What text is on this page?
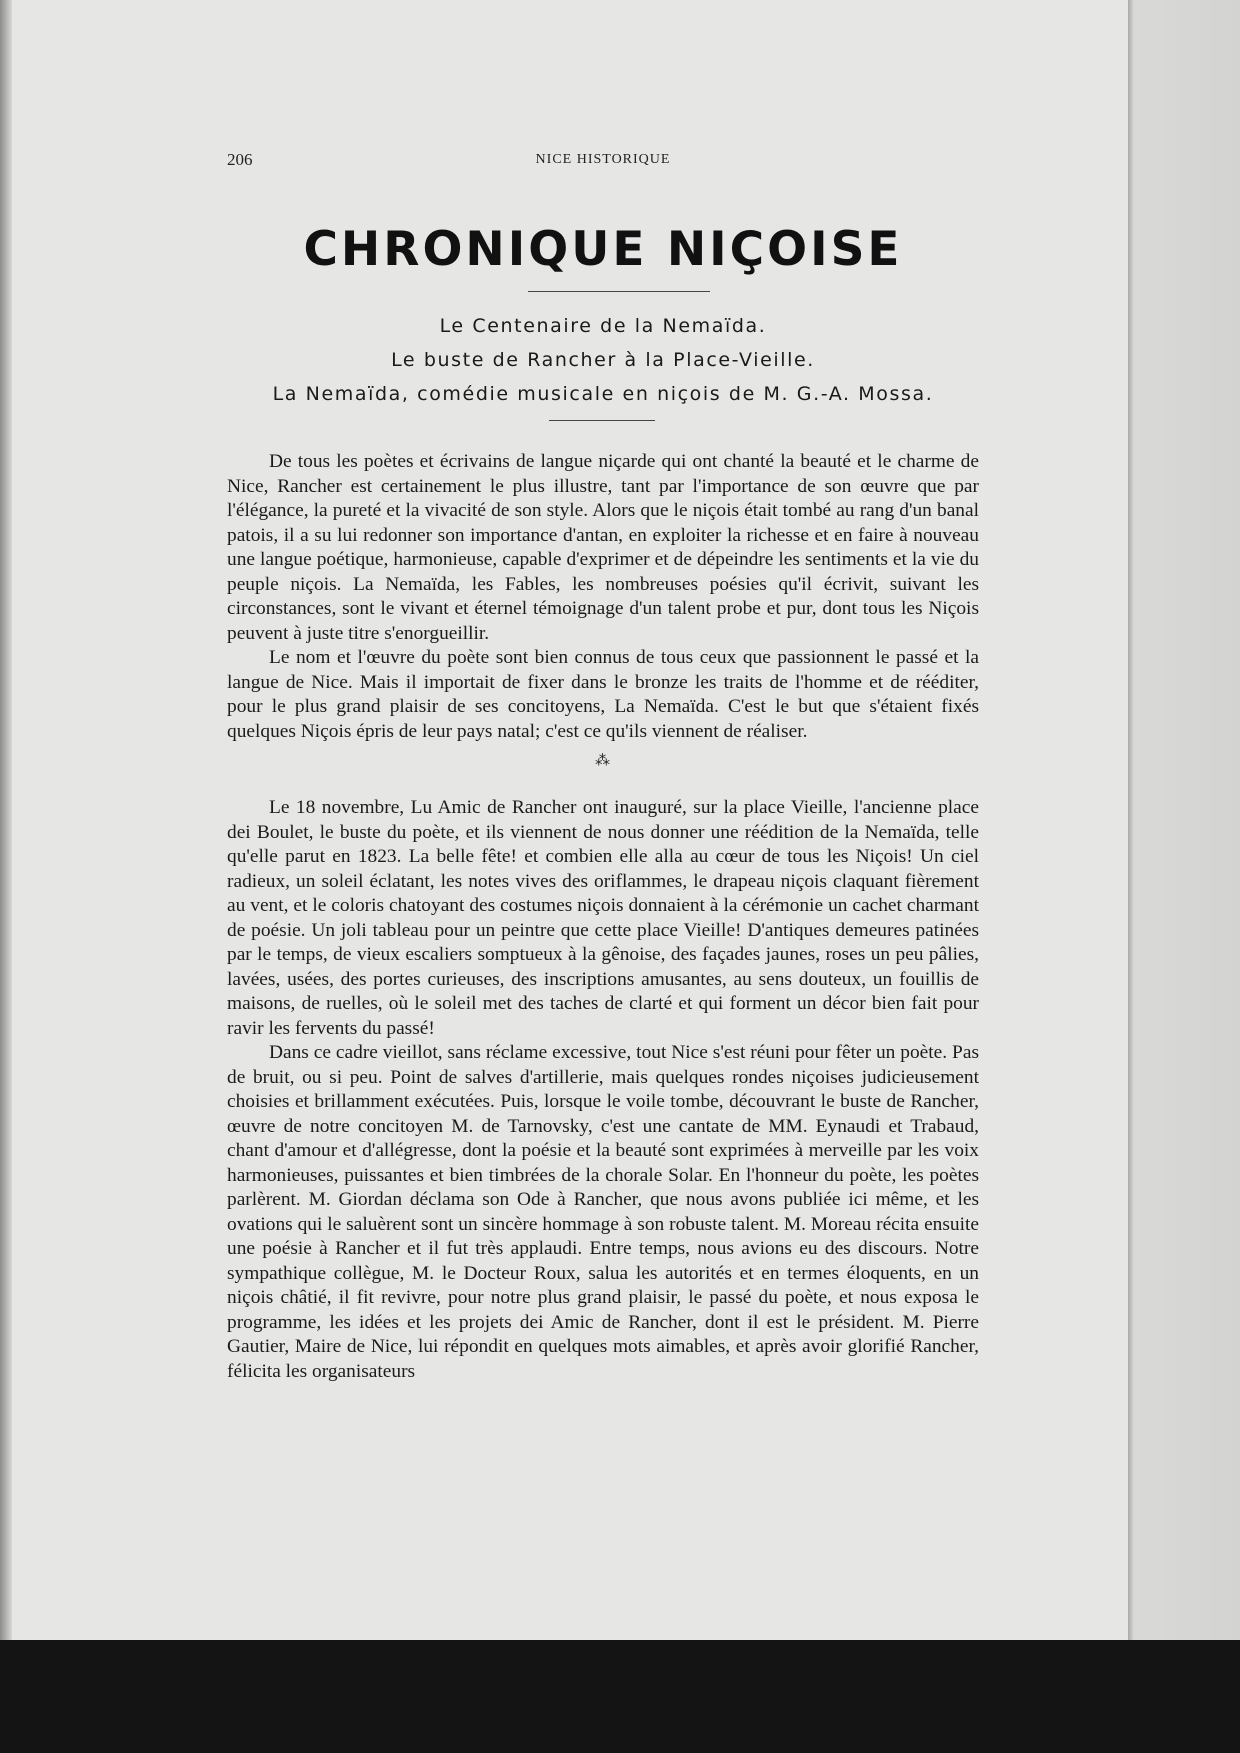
206	NICE HISTORIQUE
CHRONIQUE NIÇOISE
Le Centenaire de la Nemaïda.
Le buste de Rancher à la Place-Vieille.
La Nemaïda, comédie musicale en niçois de M. G.-A. Mossa.

De tous les poètes et écrivains de langue niçarde qui ont chanté la beauté et le charme de Nice, Rancher est certainement le plus illustre, tant par l'importance de son œuvre que par l'élégance, la pureté et la vivacité de son style. Alors que le niçois était tombé au rang d'un banal patois, il a su lui redonner son importance d'antan, en exploiter la richesse et en faire à nouveau une langue poétique, harmonieuse, capable d'exprimer et de dépeindre les sentiments et la vie du peuple niçois. La Nemaïda, les Fables, les nombreuses poésies qu'il écrivit, suivant les circonstances, sont le vivant et éternel témoignage d'un talent probe et pur, dont tous les Niçois peuvent à juste titre s'enorgueillir.

Le nom et l'œuvre du poète sont bien connus de tous ceux que passionnent le passé et la langue de Nice. Mais il importait de fixer dans le bronze les traits de l'homme et de rééditer, pour le plus grand plaisir de ses concitoyens, La Nemaïda. C'est le but que s'étaient fixés quelques Niçois épris de leur pays natal; c'est ce qu'ils viennent de réaliser.

⁂

Le 18 novembre, Lu Amic de Rancher ont inauguré, sur la place Vieille, l'ancienne place dei Boulet, le buste du poète, et ils viennent de nous donner une réédition de la Nemaïda, telle qu'elle parut en 1823. La belle fête! et combien elle alla au cœur de tous les Niçois! Un ciel radieux, un soleil éclatant, les notes vives des oriflammes, le drapeau niçois claquant fièrement au vent, et le coloris chatoyant des costumes niçois donnaient à la cérémonie un cachet charmant de poésie. Un joli tableau pour un peintre que cette place Vieille! D'antiques demeures patinées par le temps, de vieux escaliers somptueux à la gênoise, des façades jaunes, roses un peu pâlies, lavées, usées, des portes curieuses, des inscriptions amusantes, au sens douteux, un fouillis de maisons, de ruelles, où le soleil met des taches de clarté et qui forment un décor bien fait pour ravir les fervents du passé!

Dans ce cadre vieillot, sans réclame excessive, tout Nice s'est réuni pour fêter un poète. Pas de bruit, ou si peu. Point de salves d'artillerie, mais quelques rondes niçoises judicieusement choisies et brillamment exécutées. Puis, lorsque le voile tombe, découvrant le buste de Rancher, œuvre de notre concitoyen M. de Tarnovsky, c'est une cantate de MM. Eynaudi et Trabaud, chant d'amour et d'allégresse, dont la poésie et la beauté sont exprimées à merveille par les voix harmonieuses, puissantes et bien timbrées de la chorale Solar. En l'honneur du poète, les poètes parlèrent. M. Giordan déclama son Ode à Rancher, que nous avons publiée ici même, et les ovations qui le saluèrent sont un sincère hommage à son robuste talent. M. Moreau récita ensuite une poésie à Rancher et il fut très applaudi. Entre temps, nous avions eu des discours. Notre sympathique collègue, M. le Docteur Roux, salua les autorités et en termes éloquents, en un niçois châtié, il fit revivre, pour notre plus grand plaisir, le passé du poète, et nous exposa le programme, les idées et les projets dei Amic de Rancher, dont il est le président. M. Pierre Gautier, Maire de Nice, lui répondit en quelques mots aimables, et après avoir glorifié Rancher, félicita les organisateurs
